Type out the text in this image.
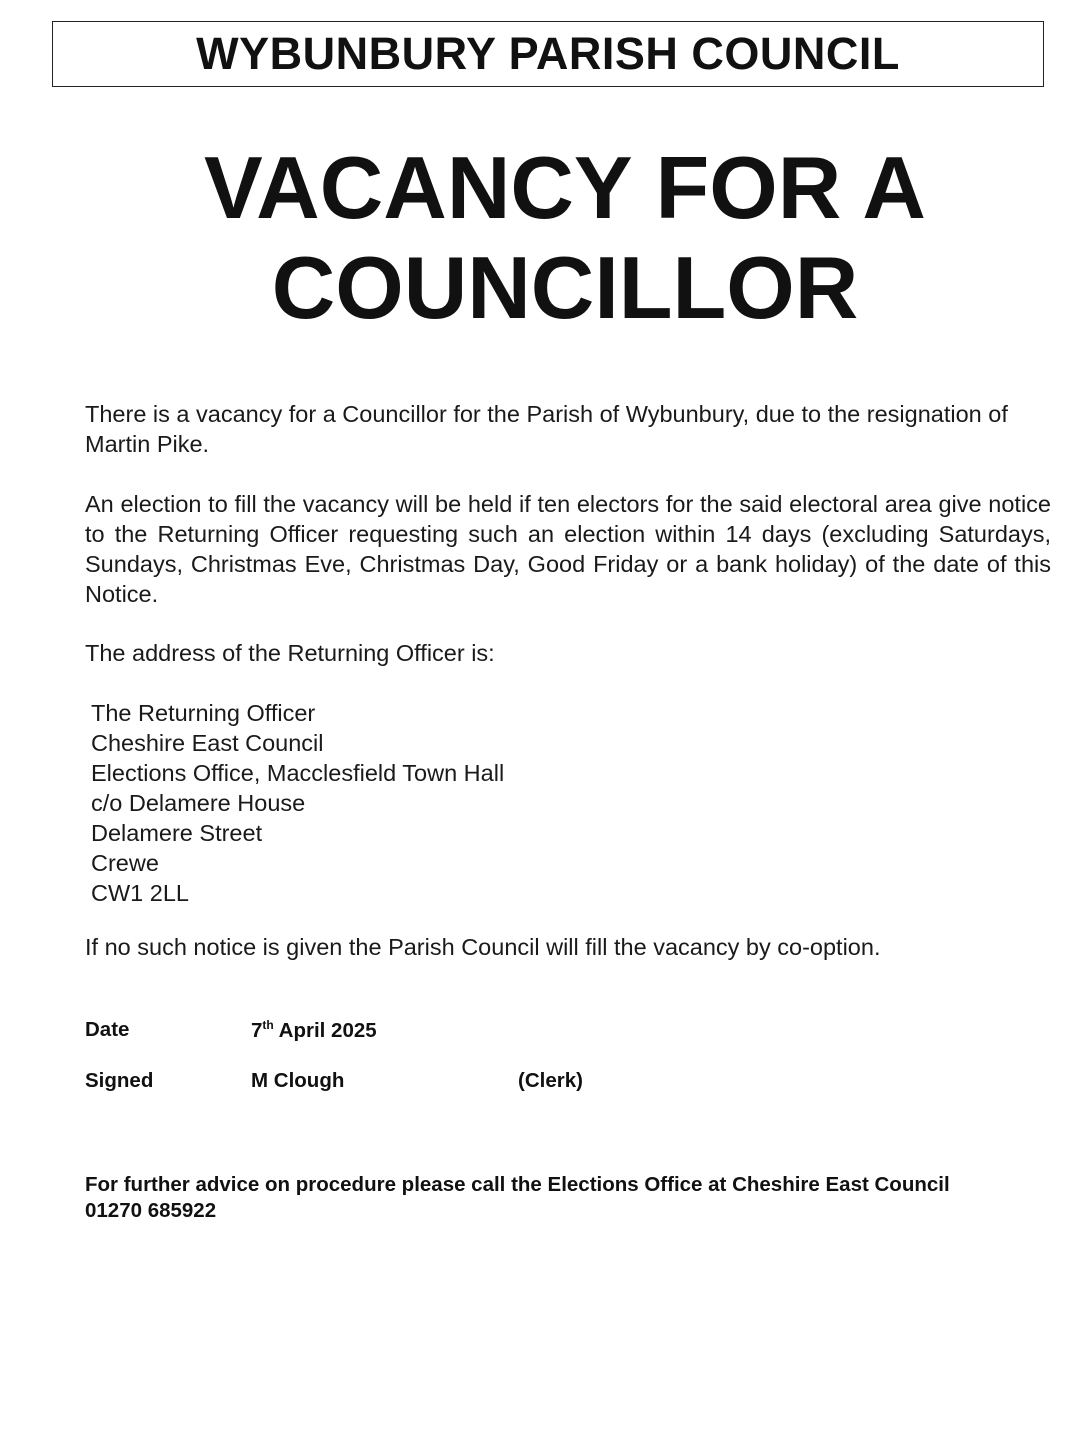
WYBUNBURY PARISH COUNCIL
VACANCY FOR A
COUNCILLOR
There is a vacancy for a Councillor for the Parish of Wybunbury, due to the resignation of Martin Pike.
An election to fill the vacancy will be held if ten electors for the said electoral area give notice to the Returning Officer requesting such an election within 14 days (excluding Saturdays, Sundays, Christmas Eve, Christmas Day, Good Friday or a bank holiday) of the date of this Notice.
The address of the Returning Officer is:
The Returning Officer
Cheshire East Council
Elections Office, Macclesfield Town Hall
c/o Delamere House
Delamere Street
Crewe
CW1 2LL
If no such notice is given the Parish Council will fill the vacancy by co-option.
Date	7th April 2025
Signed	M Clough	(Clerk)
For further advice on procedure please call the Elections Office at Cheshire East Council
01270 685922
